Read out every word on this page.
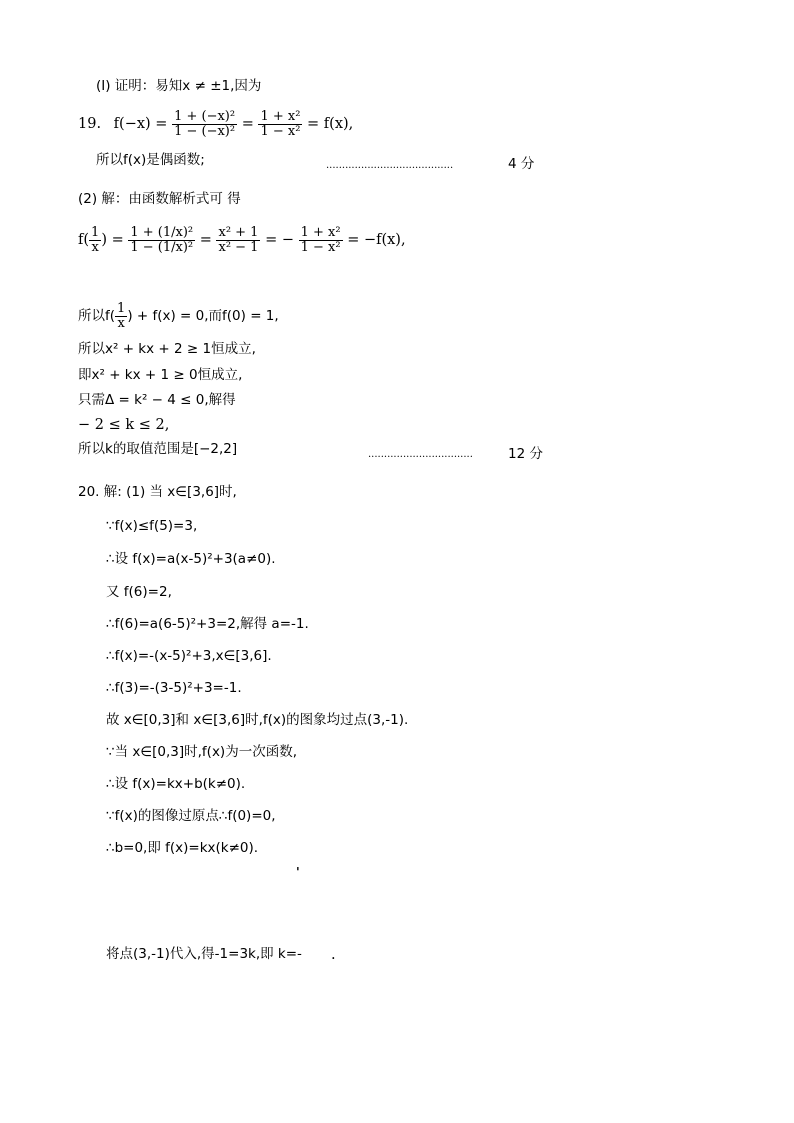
(I) 证明：易知x ≠ ±1,因为
19. $f(-x) = \frac{\text{1 + (−x)²}}{\text{1 − (−x)²}} = \frac{\text{1 + x²}}{\text{1 − x²}} = f(x)$,
所以f(x)是偶函数;	........................................	4 分
(2) 解：由函数解析式可 得
$f( \frac{1}{x}$ ) = $\frac{\text{1 + (1/x)²}}{\text{1 − (1/x)²}} = \frac{\text{x² + 1}}{\text{x² − 1}}$ = − $\frac{\text{1 + x²}}{\text{1 − x²}} = -f(x)$,
所以$f( \frac{1}{x}$ ) + f(x) = 0,而f(0) = 1,
所以x² + kx + 2 ≥ 1恒成立,
即x² + kx + 1 ≥ 0恒成立,
只需Δ = k² − 4 ≤ 0,解得
− 2 ≤ k ≤ 2,
所以k的取值范围是[−2,2]	.................................	12 分
20. 解: (1) 当 x∈[3,6]时,
∵f(x)≤f(5)=3,
∴设 f(x)=a(x-5)²+3(a≠0).
又 f(6)=2,
∴f(6)=a(6-5)²+3=2,解得 a=-1.
∴f(x)=-(x-5)²+3,x∈[3,6].
∴f(3)=-(3-5)²+3=-1.
故 x∈[0,3]和 x∈[3,6]时,f(x)的图象均过点(3,-1).
∵当 x∈[0,3]时,f(x)为一次函数,
∴设 f(x)=kx+b(k≠0).
∵f(x)的图像过原点∴f(0)=0,
∴b=0,即 f(x)=kx(k≠0).
'
将点(3,-1)代入,得-1=3k,即 k=- .
